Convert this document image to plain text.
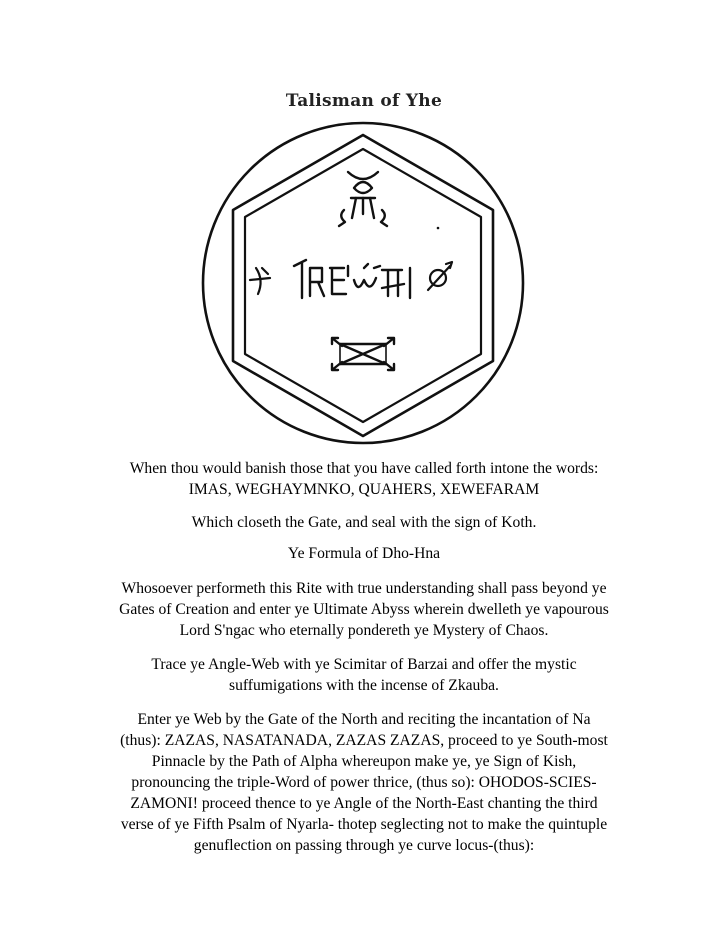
Talisman of Yhe

When thou would banish those that you have called forth intone the words:

IMAS, WEGHAYMNKO, QUAHERS, XEWEFARAM

Which closeth the Gate, and seal with the sign of Koth.

Ye Formula of Dho-Hna

Whosoever performeth this Rite with true understanding shall pass beyond ye

Gates of Creation and enter ye Ultimate Abyss wherein dwelleth ye vapourous

Lord S'ngac who eternally pondereth ye Mystery of Chaos.

Trace ye Angle-Web with ye Scimitar of Barzai and offer the mystic

suffumigations with the incense of Zkauba.

Enter ye Web by the Gate of the North and reciting the incantation of Na

(thus): ZAZAS, NASATANADA, ZAZAS ZAZAS, proceed to ye South-most

Pinnacle by the Path of Alpha whereupon make ye, ye Sign of Kish,

pronouncing the triple-Word of power thrice, (thus so): OHODOS-SCIES-

ZAMONI! proceed thence to ye Angle of the North-East chanting the third

verse of ye Fifth Psalm of Nyarla- thotep seglecting not to make the quintuple

genuflection on passing through ye curve locus-(thus):
